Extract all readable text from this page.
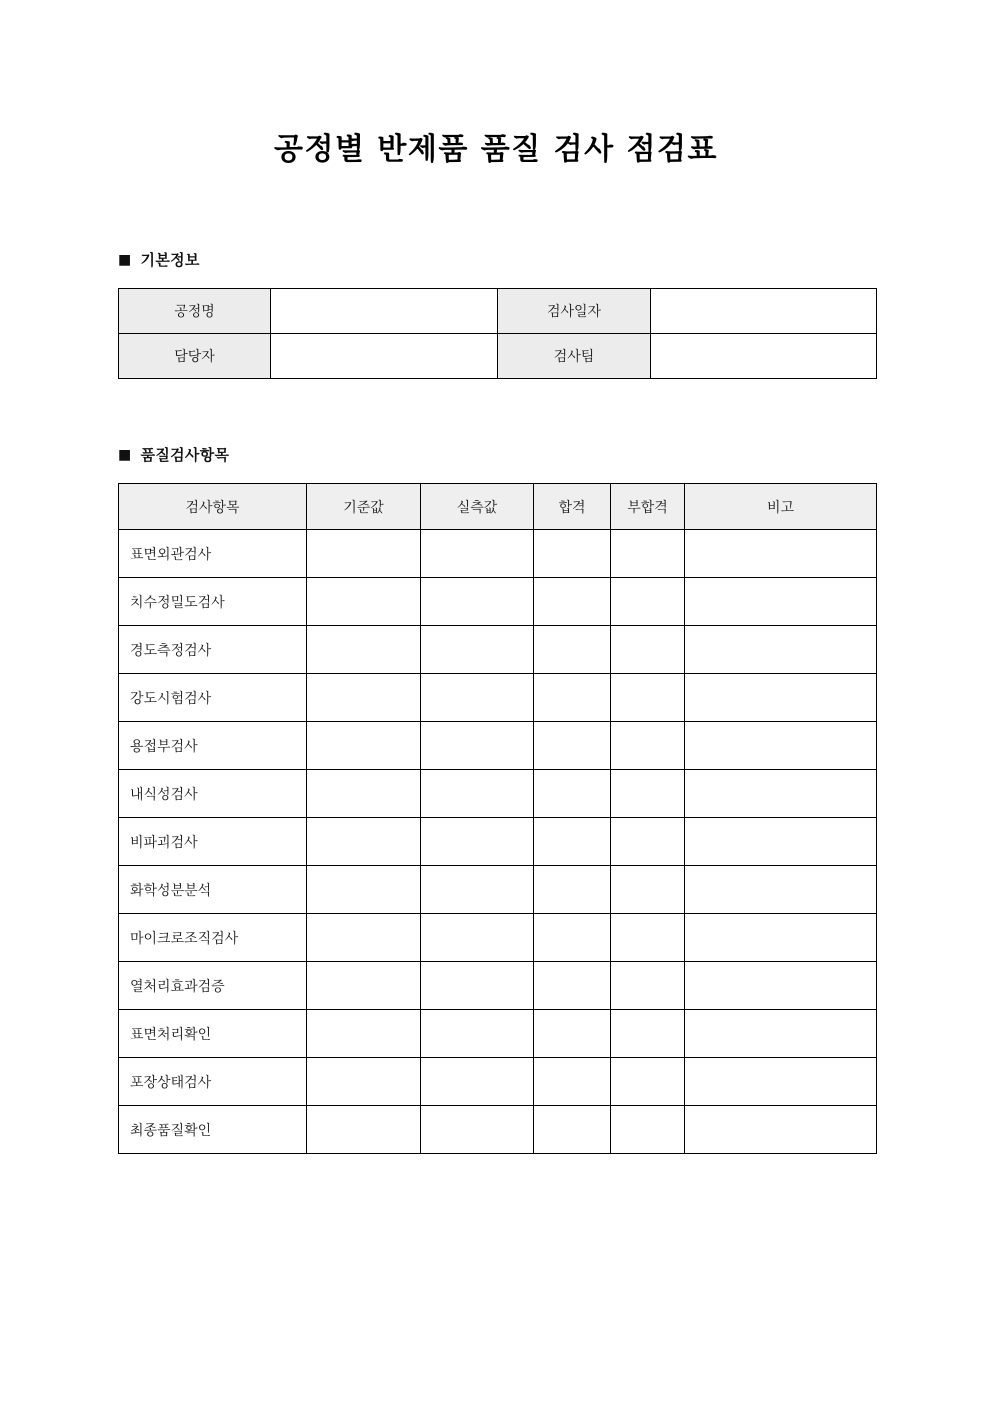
공정별 반제품 품질 검사 점검표
■ 기본정보
공정명		검사일자	
담당자		검사팀	
■ 품질검사항목
검사항목	기준값	실측값	합격	부합격	비고
표면외관검사					
치수정밀도검사					
경도측정검사					
강도시험검사					
용접부검사					
내식성검사					
비파괴검사					
화학성분분석					
마이크로조직검사					
열처리효과검증					
표면처리확인					
포장상태검사					
최종품질확인					
